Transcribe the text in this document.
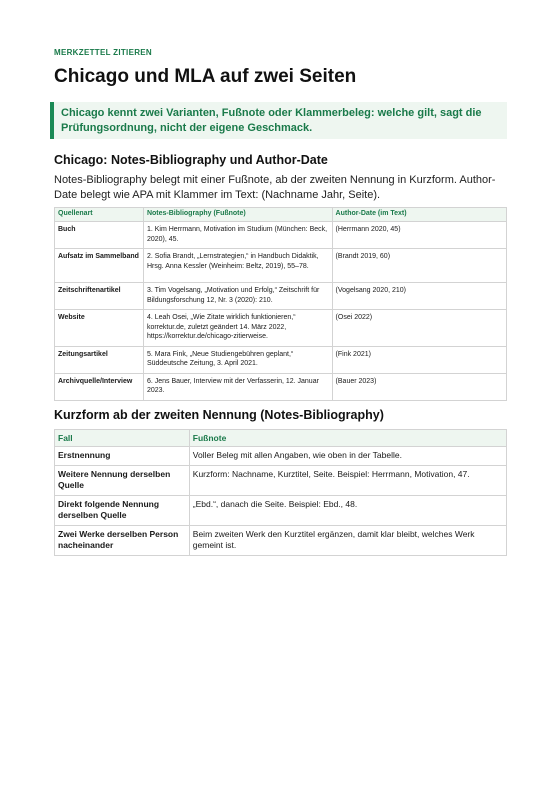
MERKZETTEL ZITIEREN
Chicago und MLA auf zwei Seiten
Chicago kennt zwei Varianten, Fußnote oder Klammerbeleg: welche gilt, sagt die Prüfungsordnung, nicht der eigene Geschmack.
Chicago: Notes-Bibliography und Author-Date

Notes-Bibliography belegt mit einer Fußnote, ab der zweiten Nennung in Kurzform. Author-Date belegt wie APA mit Klammer im Text: (Nachname Jahr, Seite).

Quellenart	Notes-Bibliography (Fußnote)	Author-Date (im Text)
Buch	1. Kim Herrmann, Motivation im Studium (München: Beck, 2020), 45.	(Herrmann 2020, 45)
Aufsatz im Sammelband	2. Sofia Brandt, „Lernstrategien,“ in Handbuch Didaktik, Hrsg. Anna Kessler (Weinheim: Beltz, 2019), 55–78.	(Brandt 2019, 60)
Zeitschriftenartikel	3. Tim Vogelsang, „Motivation und Erfolg,“ Zeitschrift für Bildungsforschung 12, Nr. 3 (2020): 210.	(Vogelsang 2020, 210)
Website	4. Leah Osei, „Wie Zitate wirklich funktionieren,“ korrektur.de, zuletzt geändert 14. März 2022, https://korrektur.de/chicago-zitierweise.	(Osei 2022)
Zeitungsartikel	5. Mara Fink, „Neue Studiengebühren geplant,“ Süddeutsche Zeitung, 3. April 2021.	(Fink 2021)
Archivquelle/Interview	6. Jens Bauer, Interview mit der Verfasserin, 12. Januar 2023.	(Bauer 2023)
Kurzform ab der zweiten Nennung (Notes-Bibliography)
Fall	Fußnote
Erstnennung	Voller Beleg mit allen Angaben, wie oben in der Tabelle.
Weitere Nennung derselben Quelle	Kurzform: Nachname, Kurztitel, Seite. Beispiel: Herrmann, Motivation, 47.
Direkt folgende Nennung derselben Quelle	„Ebd.“, danach die Seite. Beispiel: Ebd., 48.
Zwei Werke derselben Person nacheinander	Beim zweiten Werk den Kurztitel ergänzen, damit klar bleibt, welches Werk gemeint ist.
